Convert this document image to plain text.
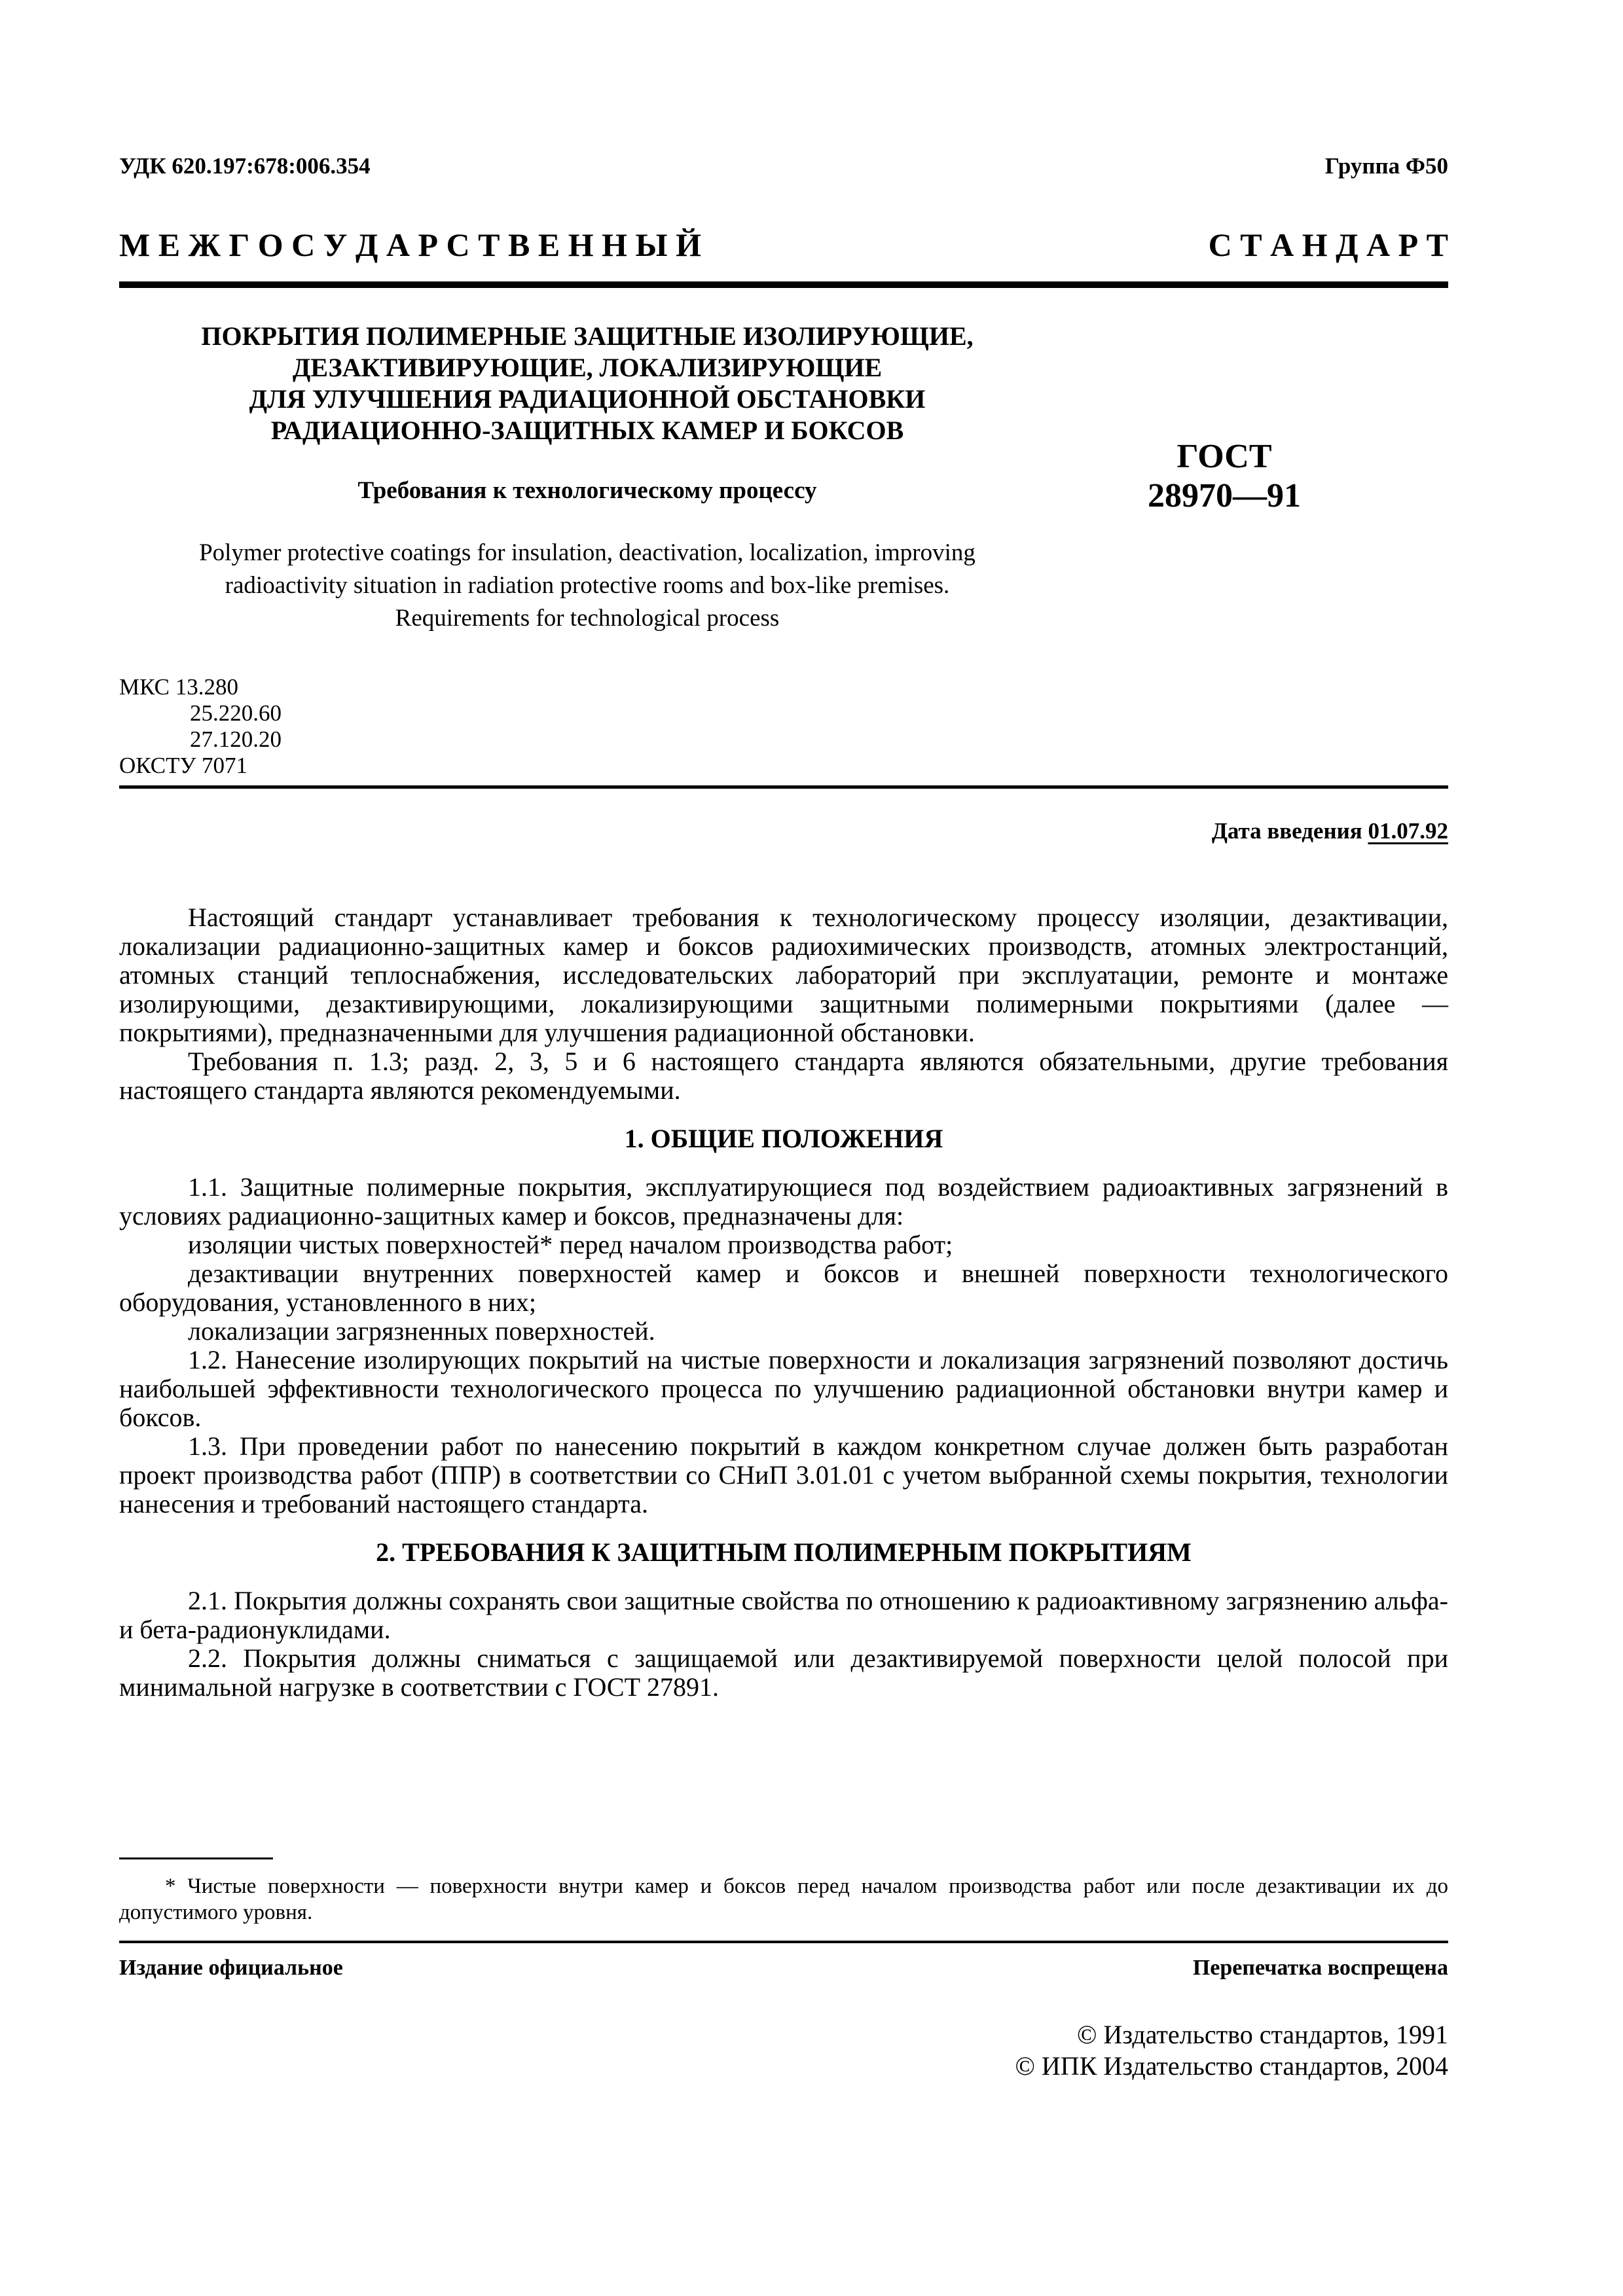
УДК 620.197:678:006.354	Группа Ф50
М Е Ж Г О С У Д А Р С Т В Е Н Н Ы Й	С Т А Н Д А Р Т
ПОКРЫТИЯ ПОЛИМЕРНЫЕ ЗАЩИТНЫЕ ИЗОЛИРУЮЩИЕ,
ДЕЗАКТИВИРУЮЩИЕ, ЛОКАЛИЗИРУЮЩИЕ
ДЛЯ УЛУЧШЕНИЯ РАДИАЦИОННОЙ ОБСТАНОВКИ
РАДИАЦИОННО-ЗАЩИТНЫХ КАМЕР И БОКСОВ
Требования к технологическому процессу
Polymer protective coatings for insulation, deactivation, localization, improving
radioactivity situation in radiation protective rooms and box-like premises.
Requirements for technological process
ГОСТ
28970—91
МКС 13.280
25.220.60
27.120.20
ОКСТУ 7071
Дата введения 01.07.92

Настоящий стандарт устанавливает требования к технологическому процессу изоляции, дезактивации, локализации радиационно-защитных камер и боксов радиохимических производств, атомных электростанций, атомных станций теплоснабжения, исследовательских лабораторий при эксплуатации, ремонте и монтаже изолирующими, дезактивирующими, локализирующими защитными полимерными покрытиями (далее — покрытиями), предназначенными для улучшения радиационной обстановки.

Требования п. 1.3; разд. 2, 3, 5 и 6 настоящего стандарта являются обязательными, другие требования настоящего стандарта являются рекомендуемыми.

1. ОБЩИЕ ПОЛОЖЕНИЯ

1.1. Защитные полимерные покрытия, эксплуатирующиеся под воздействием радиоактивных загрязнений в условиях радиационно-защитных камер и боксов, предназначены для:

изоляции чистых поверхностей* перед началом производства работ;

дезактивации внутренних поверхностей камер и боксов и внешней поверхности технологического оборудования, установленного в них;

локализации загрязненных поверхностей.

1.2. Нанесение изолирующих покрытий на чистые поверхности и локализация загрязнений позволяют достичь наибольшей эффективности технологического процесса по улучшению радиационной обстановки внутри камер и боксов.

1.3. При проведении работ по нанесению покрытий в каждом конкретном случае должен быть разработан проект производства работ (ППР) в соответствии со СНиП 3.01.01 с учетом выбранной схемы покрытия, технологии нанесения и требований настоящего стандарта.

2. ТРЕБОВАНИЯ К ЗАЩИТНЫМ ПОЛИМЕРНЫМ ПОКРЫТИЯМ

2.1. Покрытия должны сохранять свои защитные свойства по отношению к радиоактивному загрязнению альфа- и бета-радионуклидами.

2.2. Покрытия должны сниматься с защищаемой или дезактивируемой поверхности целой полосой при минимальной нагрузке в соответствии с ГОСТ 27891.

* Чистые поверхности — поверхности внутри камер и боксов перед началом производства работ или после дезактивации их до допустимого уровня.

Издание официальное	Перепечатка воспрещена
© Издательство стандартов, 1991
© ИПК Издательство стандартов, 2004
